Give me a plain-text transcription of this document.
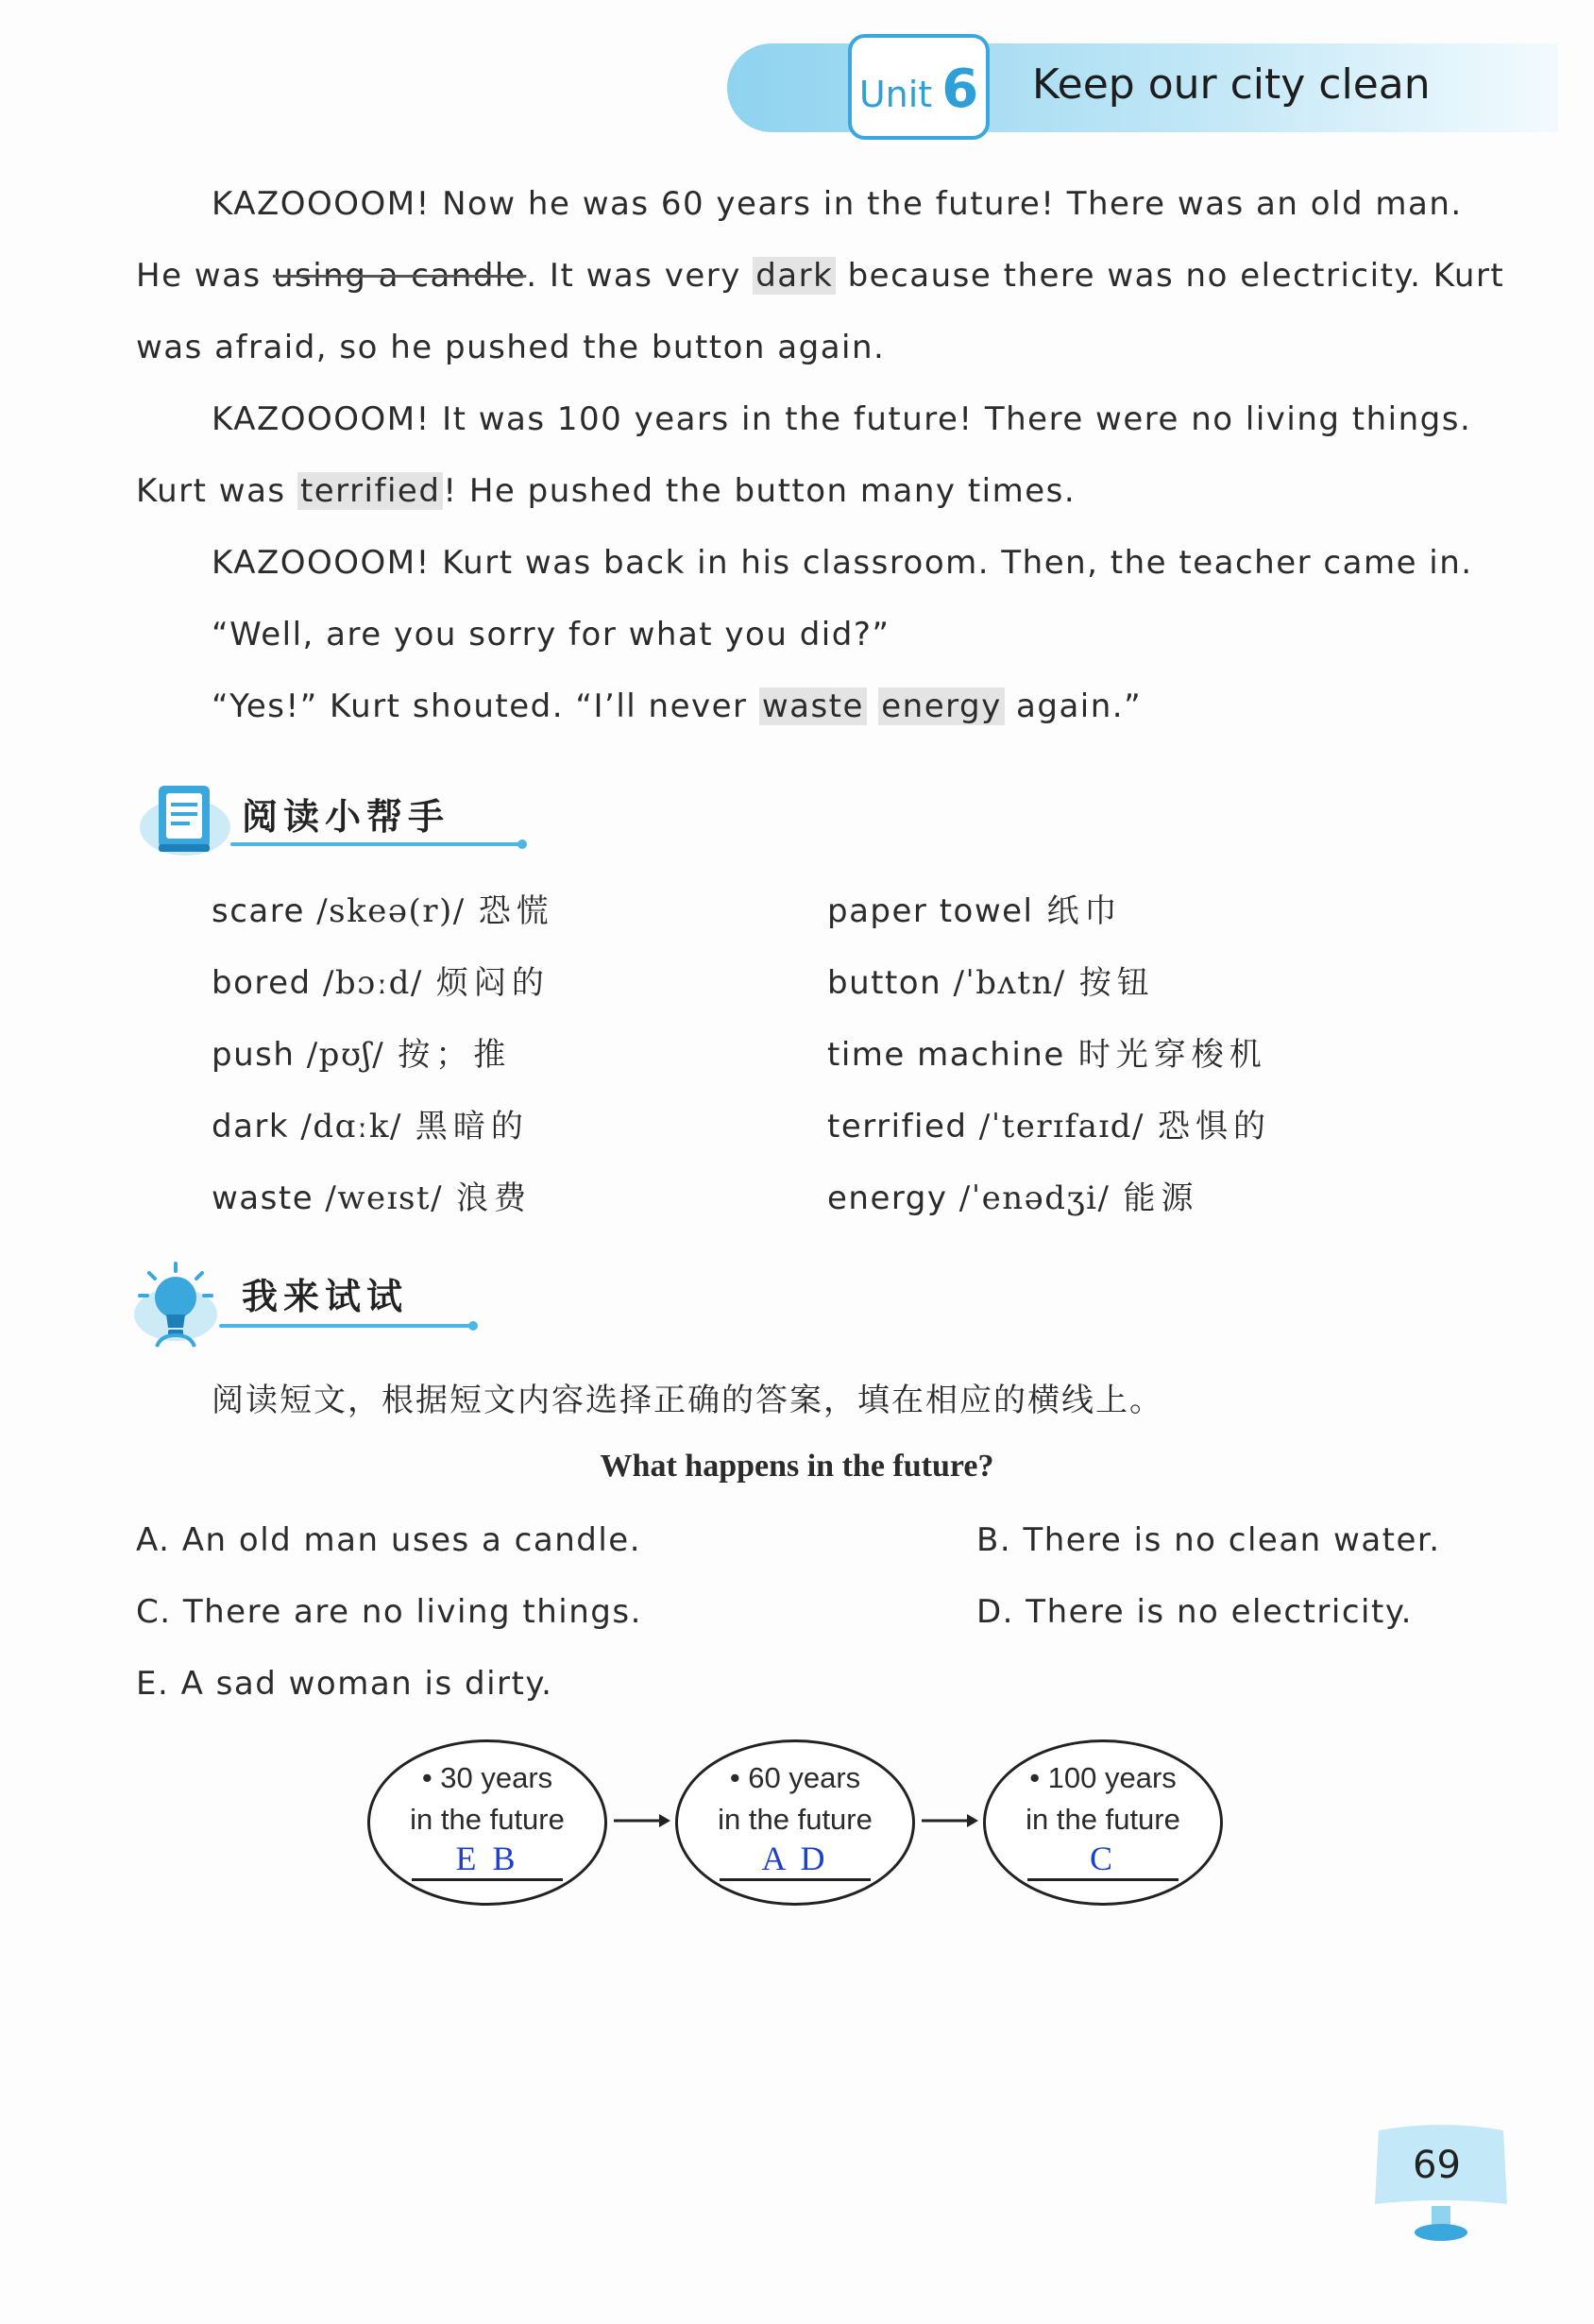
Unit 6 Keep our city clean
KAZOOOOM! Now he was 60 years in the future! There was an old man.
He was using a candle. It was very dark because there was no electricity. Kurt
was afraid, so he pushed the button again.
KAZOOOOM! It was 100 years in the future! There were no living things.
Kurt was terrified! He pushed the button many times.
KAZOOOOM! Kurt was back in his classroom. Then, the teacher came in.
“Well, are you sorry for what you did?”
“Yes!” Kurt shouted. “I’ll never waste energy again.”
阅读小帮手
scare /skeə(r)/ 恐慌	paper towel 纸巾
bored /bɔːd/ 烦闷的	button /ˈbʌtn/ 按钮
push /pʊʃ/ 按；推	time machine 时光穿梭机
dark /dɑːk/ 黑暗的	terrified /ˈterɪfaɪd/ 恐惧的
waste /weɪst/ 浪费	energy /ˈenədʒi/ 能源
我来试试
阅读短文，根据短文内容选择正确的答案，填在相应的横线上。
What happens in the future?
A. An old man uses a candle.	B. There is no clean water.
C. There are no living things.	D. There is no electricity.
E. A sad woman is dirty.
• 30 years
in the future
E B
• 60 years
in the future
A D
• 100 years
in the future
C
69
